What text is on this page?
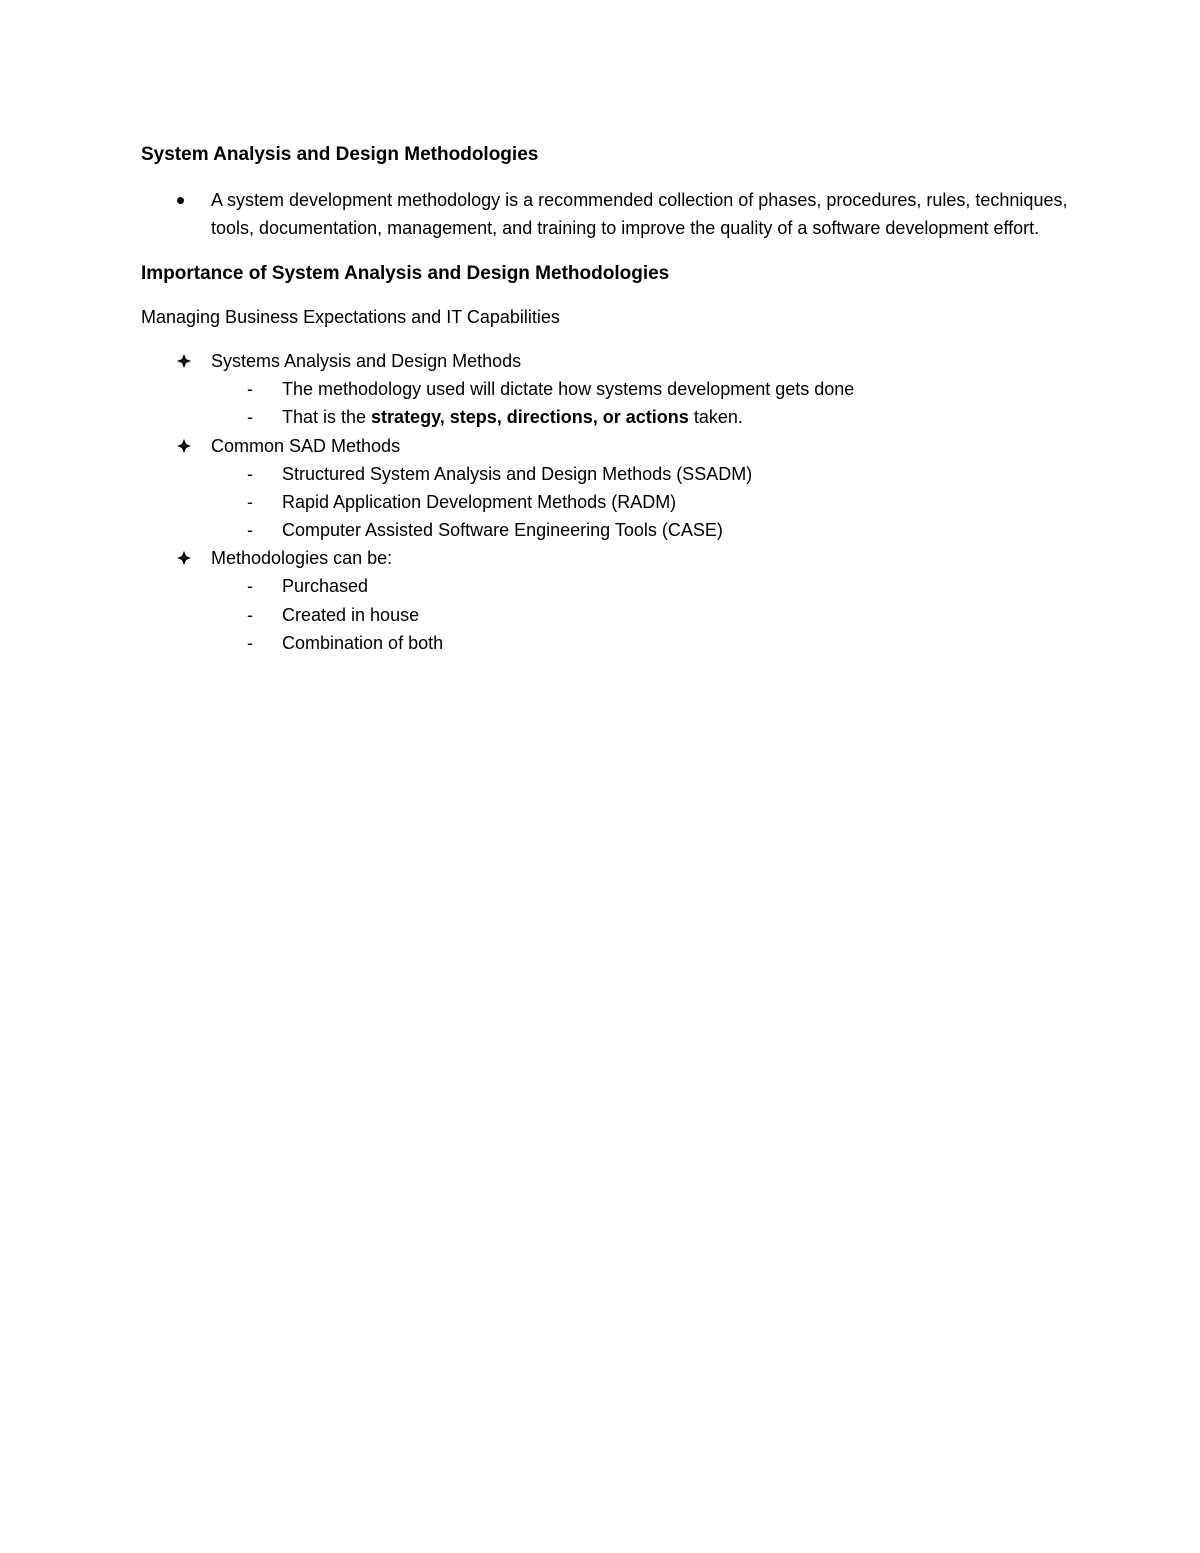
System Analysis and Design Methodologies

A system development methodology is a recommended collection of phases, procedures, rules, techniques, tools, documentation, management, and training to improve the quality of a software development effort.

Importance of System Analysis and Design Methodologies

Managing Business Expectations and IT Capabilities

Systems Analysis and Design Methods
- The methodology used will dictate how systems development gets done
- That is the strategy, steps, directions, or actions taken.
Common SAD Methods
- Structured System Analysis and Design Methods (SSADM)
- Rapid Application Development Methods (RADM)
- Computer Assisted Software Engineering Tools (CASE)
Methodologies can be:
- Purchased
- Created in house
- Combination of both
